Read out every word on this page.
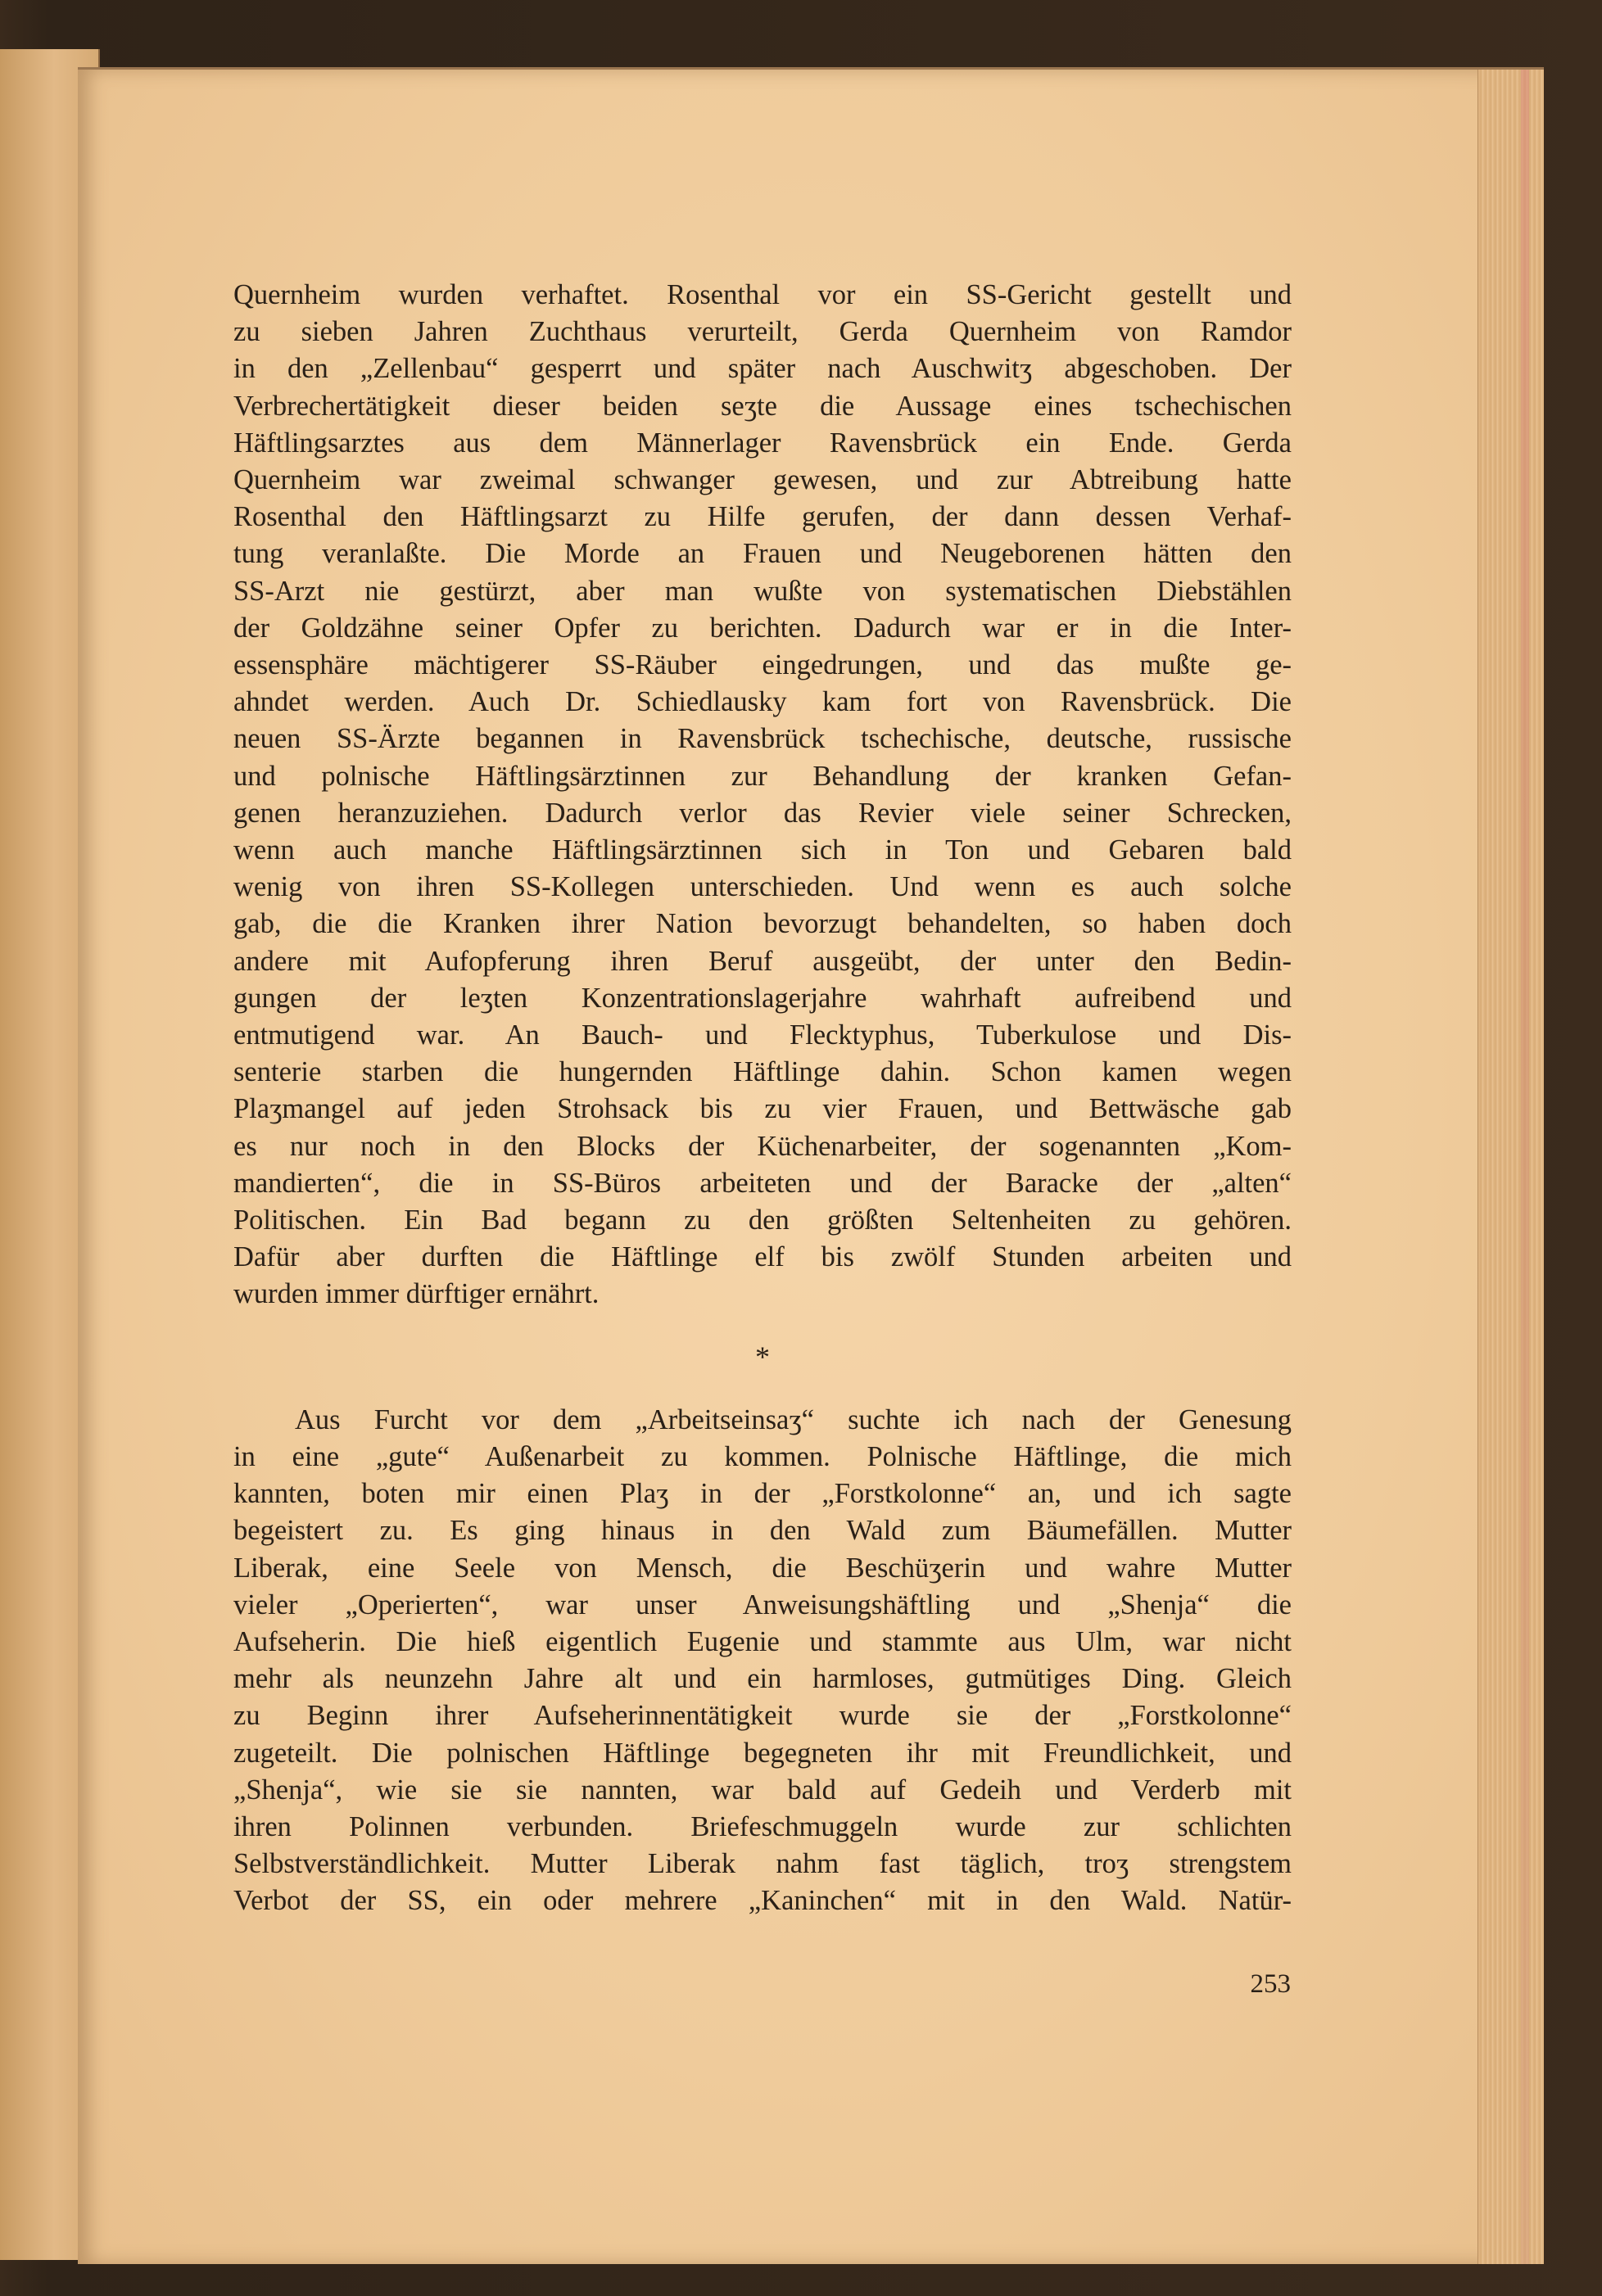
Quernheim wurden verhaftet. Rosenthal vor ein SS-Gericht gestellt und

zu sieben Jahren Zuchthaus verurteilt, Gerda Quernheim von Ramdor

in den „Zellenbau“ gesperrt und später nach Auschwitʒ abgeschoben. Der

Verbrechertätigkeit dieser beiden seʒte die Aussage eines tschechischen

Häftlingsarztes aus dem Männerlager Ravensbrück ein Ende. Gerda

Quernheim war zweimal schwanger gewesen, und zur Abtreibung hatte

Rosenthal den Häftlingsarzt zu Hilfe gerufen, der dann dessen Verhaf-

tung veranlaßte. Die Morde an Frauen und Neugeborenen hätten den

SS-Arzt nie gestürzt, aber man wußte von systematischen Diebstählen

der Goldzähne seiner Opfer zu berichten. Dadurch war er in die Inter-

essensphäre mächtigerer SS-Räuber eingedrungen, und das mußte ge-

ahndet werden. Auch Dr. Schiedlausky kam fort von Ravensbrück. Die

neuen SS-Ärzte begannen in Ravensbrück tschechische, deutsche, russische

und polnische Häftlingsärztinnen zur Behandlung der kranken Gefan-

genen heranzuziehen. Dadurch verlor das Revier viele seiner Schrecken,

wenn auch manche Häftlingsärztinnen sich in Ton und Gebaren bald

wenig von ihren SS-Kollegen unterschieden. Und wenn es auch solche

gab, die die Kranken ihrer Nation bevorzugt behandelten, so haben doch

andere mit Aufopferung ihren Beruf ausgeübt, der unter den Bedin-

gungen der leʒten Konzentrationslagerjahre wahrhaft aufreibend und

entmutigend war. An Bauch- und Flecktyphus, Tuberkulose und Dis-

senterie starben die hungernden Häftlinge dahin. Schon kamen wegen

Plaʒmangel auf jeden Strohsack bis zu vier Frauen, und Bettwäsche gab

es nur noch in den Blocks der Küchenarbeiter, der sogenannten „Kom-

mandierten“, die in SS-Büros arbeiteten und der Baracke der „alten“

Politischen. Ein Bad begann zu den größten Seltenheiten zu gehören.

Dafür aber durften die Häftlinge elf bis zwölf Stunden arbeiten und

wurden immer dürftiger ernährt.

*

Aus Furcht vor dem „Arbeitseinsaʒ“ suchte ich nach der Genesung

in eine „gute“ Außenarbeit zu kommen. Polnische Häftlinge, die mich

kannten, boten mir einen Plaʒ in der „Forstkolonne“ an, und ich sagte

begeistert zu. Es ging hinaus in den Wald zum Bäumefällen. Mutter

Liberak, eine Seele von Mensch, die Beschüʒerin und wahre Mutter

vieler „Operierten“, war unser Anweisungshäftling und „Shenja“ die

Aufseherin. Die hieß eigentlich Eugenie und stammte aus Ulm, war nicht

mehr als neunzehn Jahre alt und ein harmloses, gutmütiges Ding. Gleich

zu Beginn ihrer Aufseherinnentätigkeit wurde sie der „Forstkolonne“

zugeteilt. Die polnischen Häftlinge begegneten ihr mit Freundlichkeit, und

„Shenja“, wie sie sie nannten, war bald auf Gedeih und Verderb mit

ihren Polinnen verbunden. Briefeschmuggeln wurde zur schlichten

Selbstverständlichkeit. Mutter Liberak nahm fast täglich, troʒ strengstem

Verbot der SS, ein oder mehrere „Kaninchen“ mit in den Wald. Natür-

253
